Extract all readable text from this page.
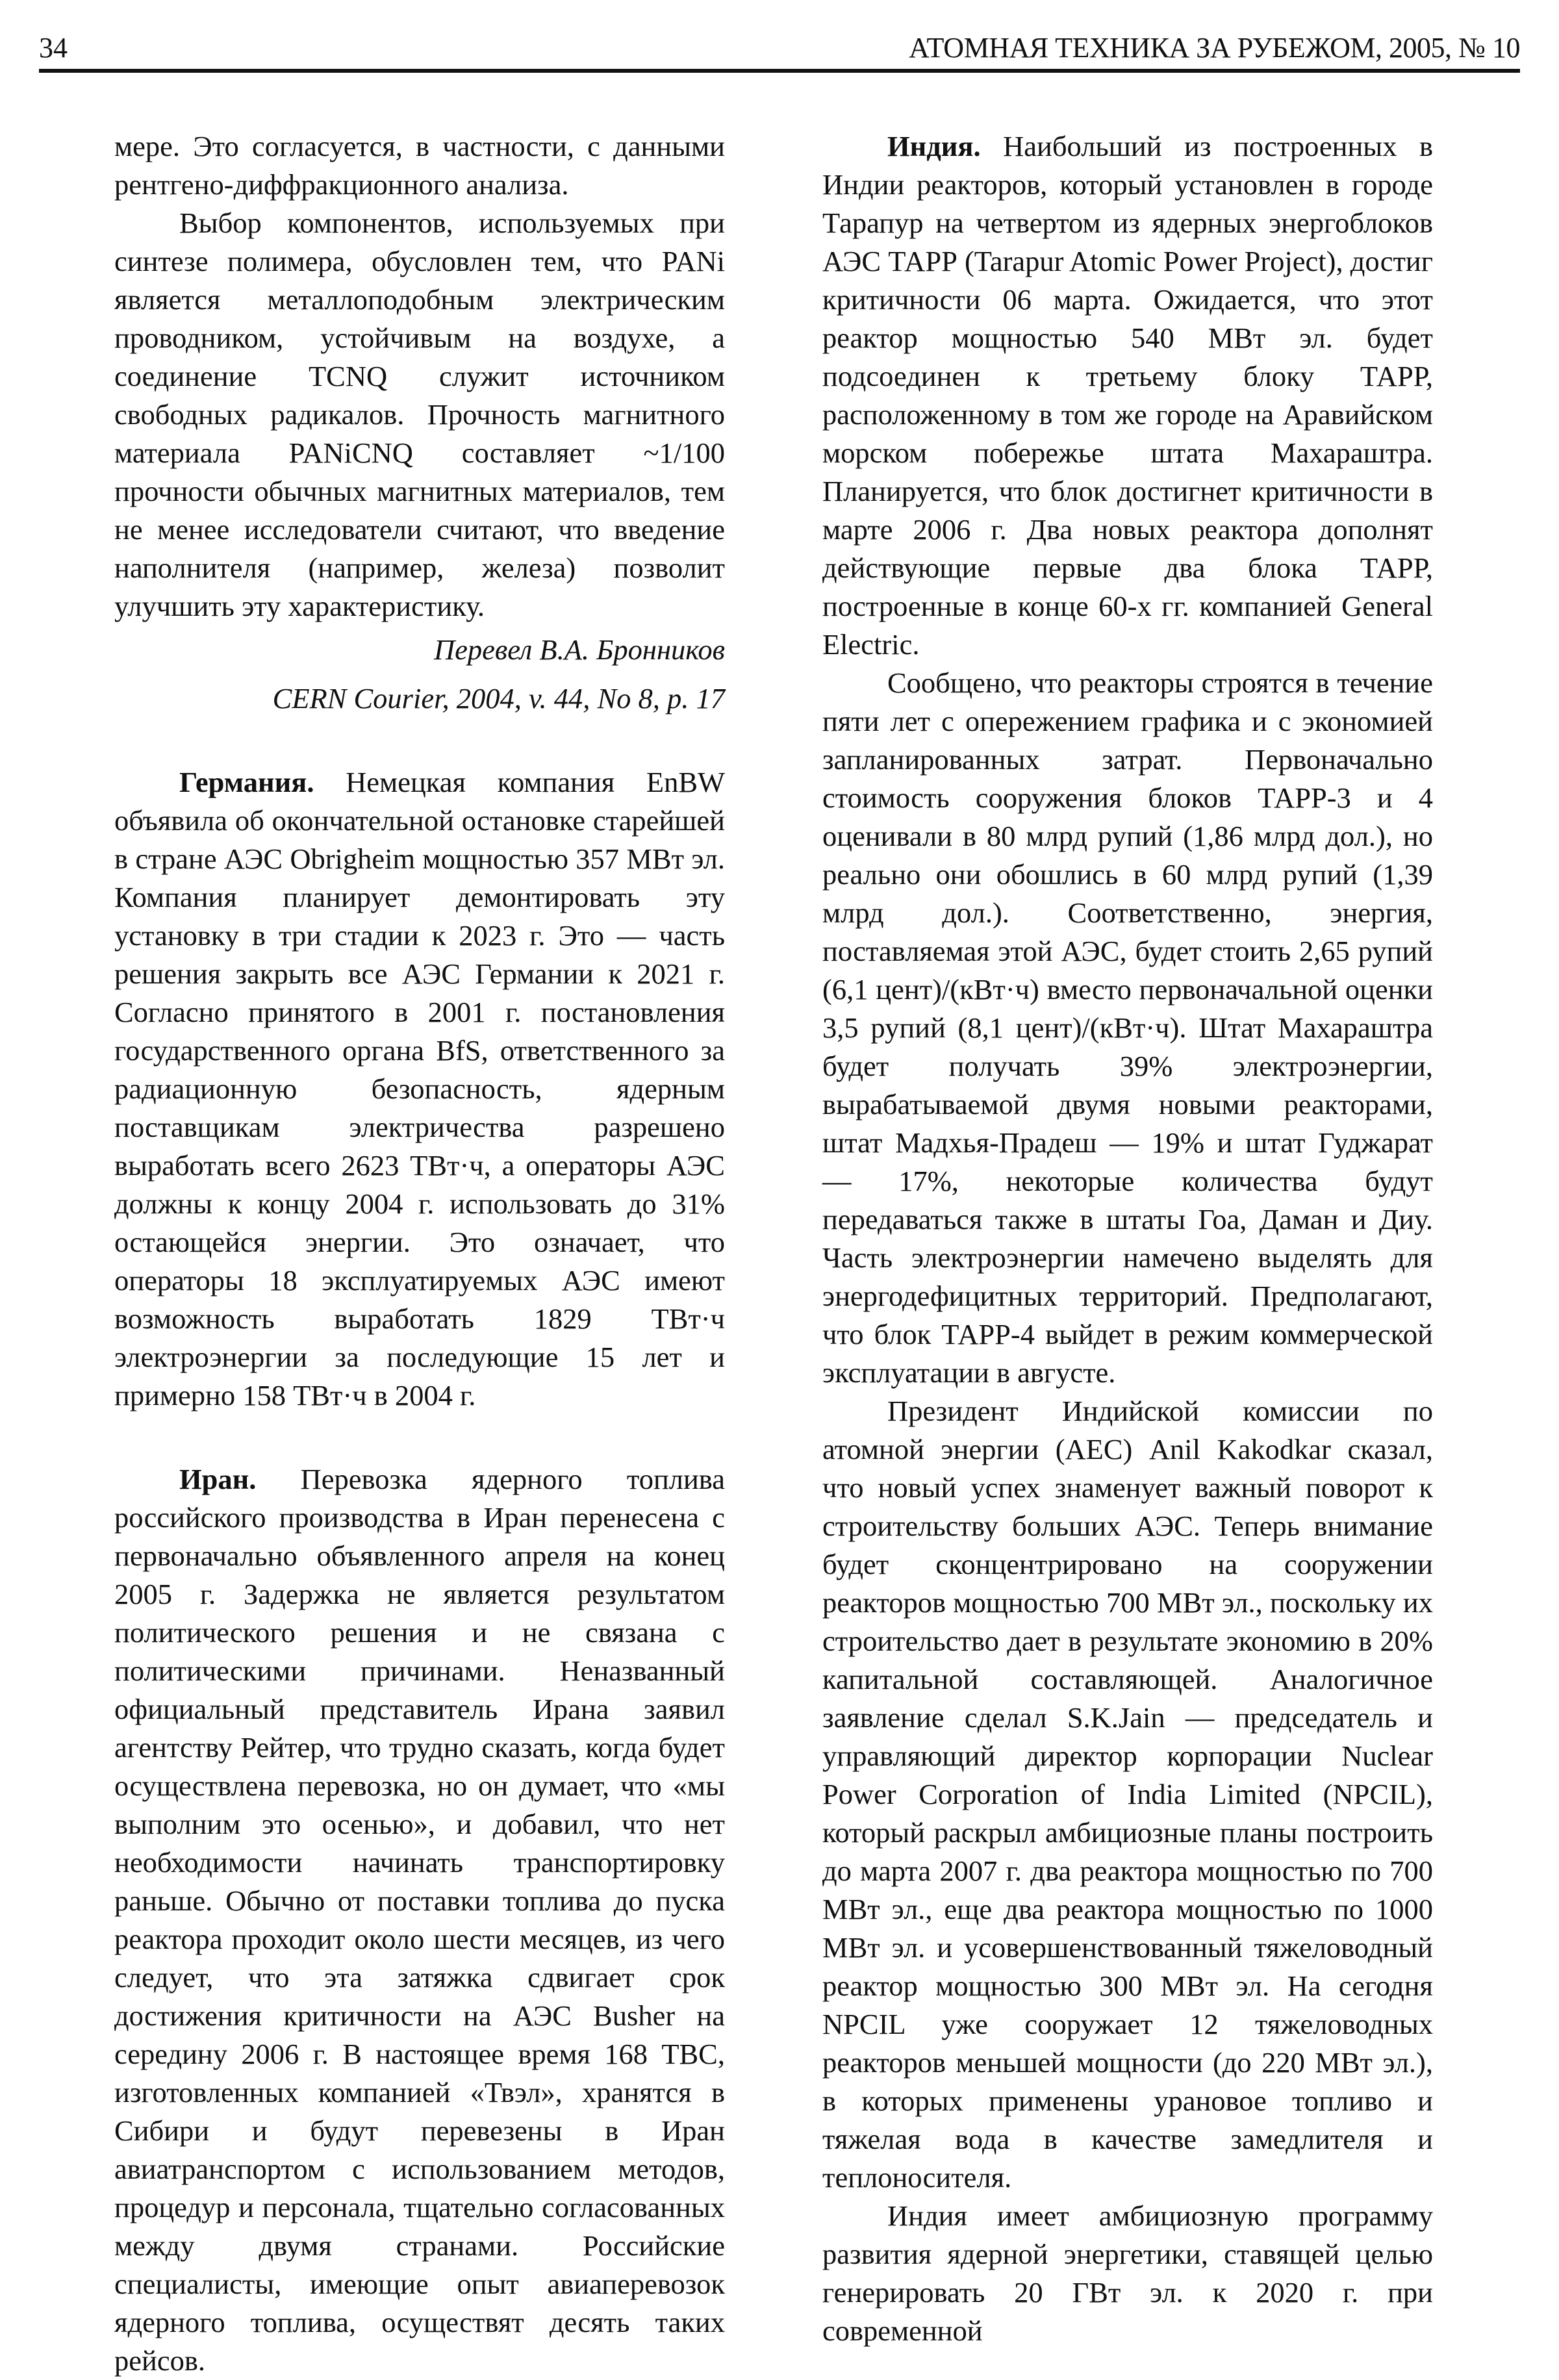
34	АТОМНАЯ ТЕХНИКА ЗА РУБЕЖОМ, 2005, № 10

мере. Это согласуется, в частности, с данными рентгено-диффракционного анализа.

Выбор компонентов, используемых при синтезе полимера, обусловлен тем, что PANi является металлоподобным электрическим проводником, устойчивым на воздухе, а соединение TCNQ служит источником свободных радикалов. Прочность магнитного материала PANiCNQ составляет ~1/100 прочности обычных магнитных материалов, тем не менее исследователи считают, что введение наполнителя (например, железа) позволит улучшить эту характеристику.

Перевел В.А. Бронников

CERN Courier, 2004, v. 44, No 8, p. 17

Германия. Немецкая компания EnBW объявила об окончательной остановке старейшей в стране АЭС Obrigheim мощностью 357 МВт эл. Компания планирует демонтировать эту установку в три стадии к 2023 г. Это — часть решения закрыть все АЭС Германии к 2021 г. Согласно принятого в 2001 г. постановления государственного органа BfS, ответственного за радиационную безопасность, ядерным поставщикам электричества разрешено выработать всего 2623 ТВт·ч, а операторы АЭС должны к концу 2004 г. использовать до 31% остающейся энергии. Это означает, что операторы 18 эксплуатируемых АЭС имеют возможность выработать 1829 ТВт·ч электроэнергии за последующие 15 лет и примерно 158 ТВт·ч в 2004 г.

Иран. Перевозка ядерного топлива российского производства в Иран перенесена с первоначально объявленного апреля на конец 2005 г. Задержка не является результатом политического решения и не связана с политическими причинами. Неназванный официальный представитель Ирана заявил агентству Рейтер, что трудно сказать, когда будет осуществлена перевозка, но он думает, что «мы выполним это осенью», и добавил, что нет необходимости начинать транспортировку раньше. Обычно от поставки топлива до пуска реактора проходит около шести месяцев, из чего следует, что эта затяжка сдвигает срок достижения критичности на АЭС Busher на середину 2006 г. В настоящее время 168 ТВС, изготовленных компанией «Твэл», хранятся в Сибири и будут перевезены в Иран авиатранспортом с использованием методов, процедур и персонала, тщательно согласованных между двумя странами. Российские специалисты, имеющие опыт авиаперевозок ядерного топлива, осуществят десять таких рейсов.

Индия. Наибольший из построенных в Индии реакторов, который установлен в городе Тарапур на четвертом из ядерных энергоблоков АЭС ТАРР (Tarapur Atomic Power Project), достиг критичности 06 марта. Ожидается, что этот реактор мощностью 540 МВт эл. будет подсоединен к третьему блоку ТАРР, расположенному в том же городе на Аравийском морском побережье штата Махараштра. Планируется, что блок достигнет критичности в марте 2006 г. Два новых реактора дополнят действующие первые два блока ТАРР, построенные в конце 60-х гг. компанией General Electric.

Сообщено, что реакторы строятся в течение пяти лет с опережением графика и с экономией запланированных затрат. Первоначально стоимость сооружения блоков ТАРР-3 и 4 оценивали в 80 млрд рупий (1,86 млрд дол.), но реально они обошлись в 60 млрд рупий (1,39 млрд дол.). Соответственно, энергия, поставляемая этой АЭС, будет стоить 2,65 рупий (6,1 цент)/(кВт·ч) вместо первоначальной оценки 3,5 рупий (8,1 цент)/(кВт·ч). Штат Махараштра будет получать 39% электроэнергии, вырабатываемой двумя новыми реакторами, штат Мадхья-Прадеш — 19% и штат Гуджарат — 17%, некоторые количества будут передаваться также в штаты Гоа, Даман и Диу. Часть электроэнергии намечено выделять для энергодефицитных территорий. Предполагают, что блок ТАРР-4 выйдет в режим коммерческой эксплуатации в августе.

Президент Индийской комиссии по атомной энергии (AEC) Anil Kakodkar сказал, что новый успех знаменует важный поворот к строительству больших АЭС. Теперь внимание будет сконцентрировано на сооружении реакторов мощностью 700 МВт эл., поскольку их строительство дает в результате экономию в 20% капитальной составляющей. Аналогичное заявление сделал S.K.Jain — председатель и управляющий директор корпорации Nuclear Power Corporation of India Limited (NPCIL), который раскрыл амбициозные планы построить до марта 2007 г. два реактора мощностью по 700 МВт эл., еще два реактора мощностью по 1000 МВт эл. и усовершенствованный тяжеловодный реактор мощностью 300 МВт эл. На сегодня NPCIL уже сооружает 12 тяжеловодных реакторов меньшей мощности (до 220 МВт эл.), в которых применены урановое топливо и тяжелая вода в качестве замедлителя и теплоносителя.

Индия имеет амбициозную программу развития ядерной энергетики, ставящей целью генерировать 20 ГВт эл. к 2020 г. при современной
